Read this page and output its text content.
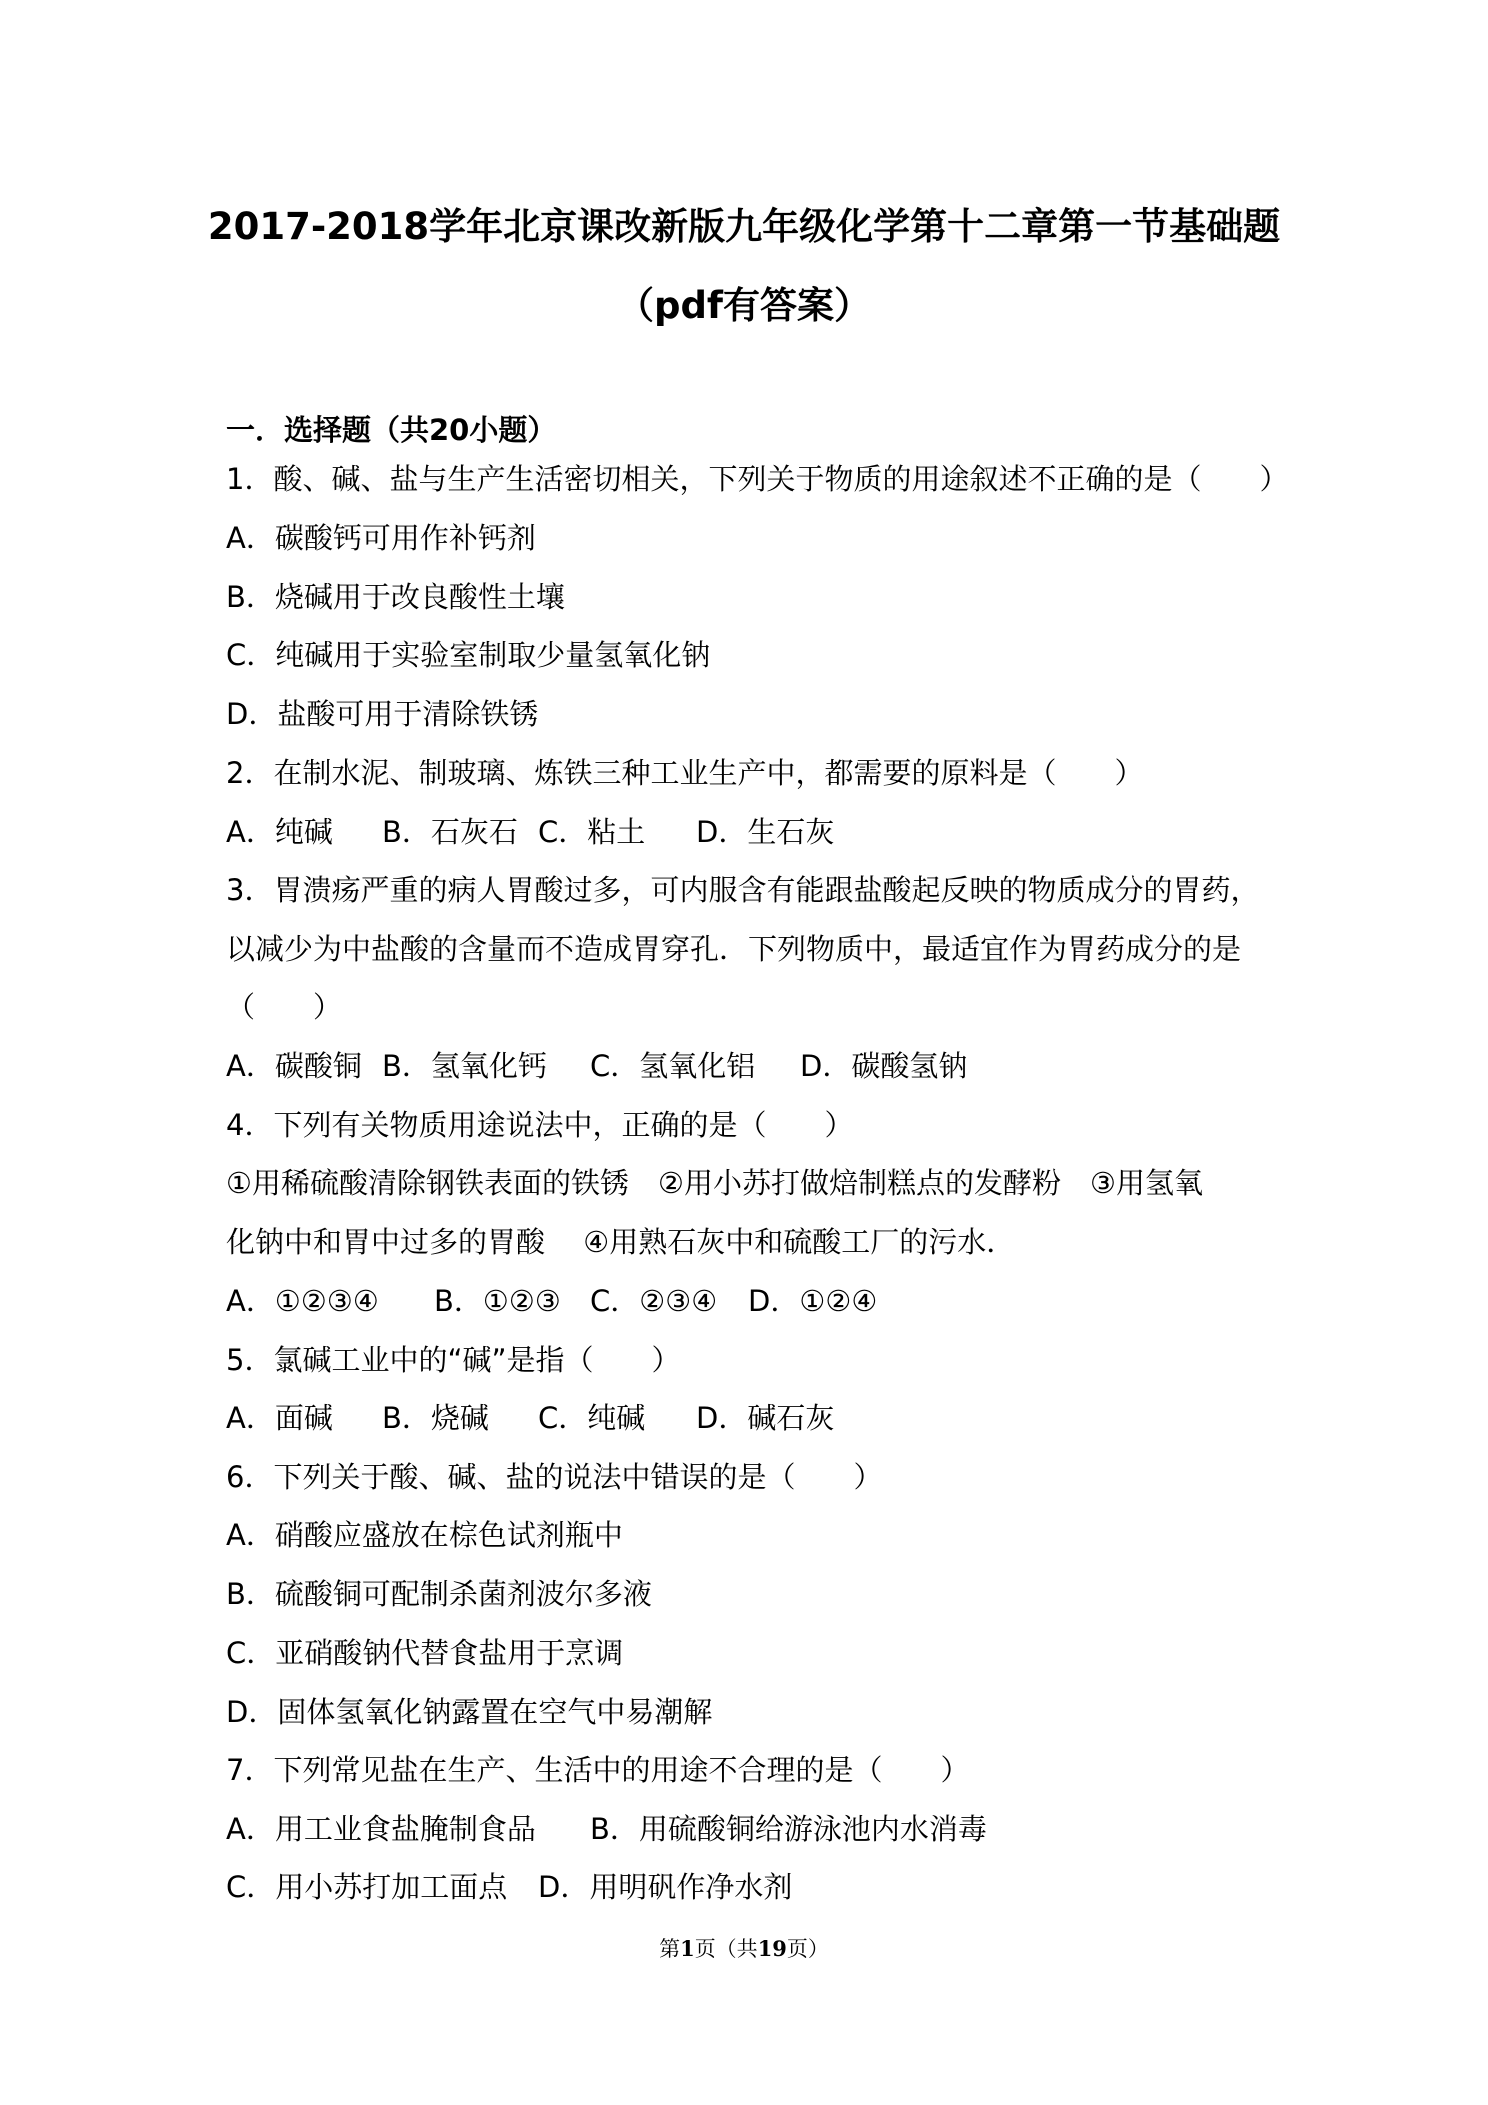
2017-2018学年北京课改新版九年级化学第十二章第一节基础题
（pdf有答案）
一．选择题（共20小题）
1．酸、碱、盐与生产生活密切相关，下列关于物质的用途叙述不正确的是（　　）
A．碳酸钙可用作补钙剂
B．烧碱用于改良酸性土壤
C．纯碱用于实验室制取少量氢氧化钠
D．盐酸可用于清除铁锈
2．在制水泥、制玻璃、炼铁三种工业生产中，都需要的原料是（　　）
A．纯碱 B．石灰石 C．粘土 D．生石灰
3．胃溃疡严重的病人胃酸过多，可内服含有能跟盐酸起反映的物质成分的胃药，
以减少为中盐酸的含量而不造成胃穿孔．下列物质中，最适宜作为胃药成分的是
（　　）
A．碳酸铜 B．氢氧化钙 C．氢氧化铝 D．碳酸氢钠
4．下列有关物质用途说法中，正确的是（　　）
①用稀硫酸清除钢铁表面的铁锈　②用小苏打做焙制糕点的发酵粉　③用氢氧
化钠中和胃中过多的胃酸　 ④用熟石灰中和硫酸工厂的污水．
A．①②③④ B．①②③ C．②③④ D．①②④
5．氯碱工业中的“碱”是指（　　）
A．面碱 B．烧碱 C．纯碱 D．碱石灰
6．下列关于酸、碱、盐的说法中错误的是（　　）
A．硝酸应盛放在棕色试剂瓶中
B．硫酸铜可配制杀菌剂波尔多液
C．亚硝酸钠代替食盐用于烹调
D．固体氢氧化钠露置在空气中易潮解
7．下列常见盐在生产、生活中的用途不合理的是（　　）
A．用工业食盐腌制食品 B．用硫酸铜给游泳池内水消毒
C．用小苏打加工面点 D．用明矾作净水剂
第1页（共19页）
